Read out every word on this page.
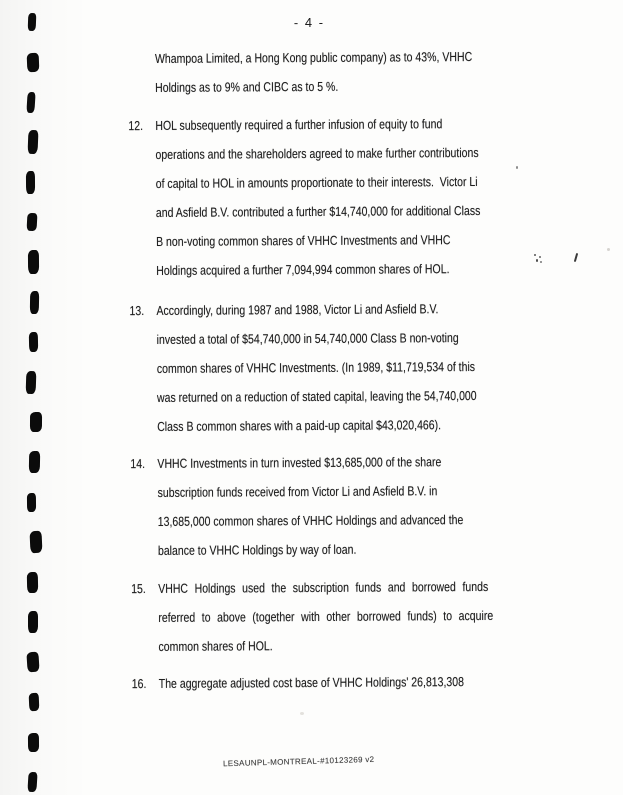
- 4 -
Whampoa Limited, a Hong Kong public company) as to 43%, VHHC
Holdings as to 9% and CIBC as to 5 %.
12. HOL subsequently required a further infusion of equity to fund
operations and the shareholders agreed to make further contributions
of capital to HOL in amounts proportionate to their interests.  Victor Li
and Asfield B.V. contributed a further $14,740,000 for additional Class
B non-voting common shares of VHHC Investments and VHHC
Holdings acquired a further 7,094,994 common shares of HOL.
13. Accordingly, during 1987 and 1988, Victor Li and Asfield B.V.
invested a total of $54,740,000 in 54,740,000 Class B non-voting
common shares of VHHC Investments. (In 1989, $11,719,534 of this
was returned on a reduction of stated capital, leaving the 54,740,000
Class B common shares with a paid-up capital $43,020,466).
14. VHHC Investments in turn invested $13,685,000 of the share
subscription funds received from Victor Li and Asfield B.V. in
13,685,000 common shares of VHHC Holdings and advanced the
balance to VHHC Holdings by way of loan.
15. VHHC Holdings used the subscription funds and borrowed funds
referred to above (together with other borrowed funds) to acquire
common shares of HOL.
16. The aggregate adjusted cost base of VHHC Holdings' 26,813,308
LESAUNPL-MONTREAL-#10123269 v2
